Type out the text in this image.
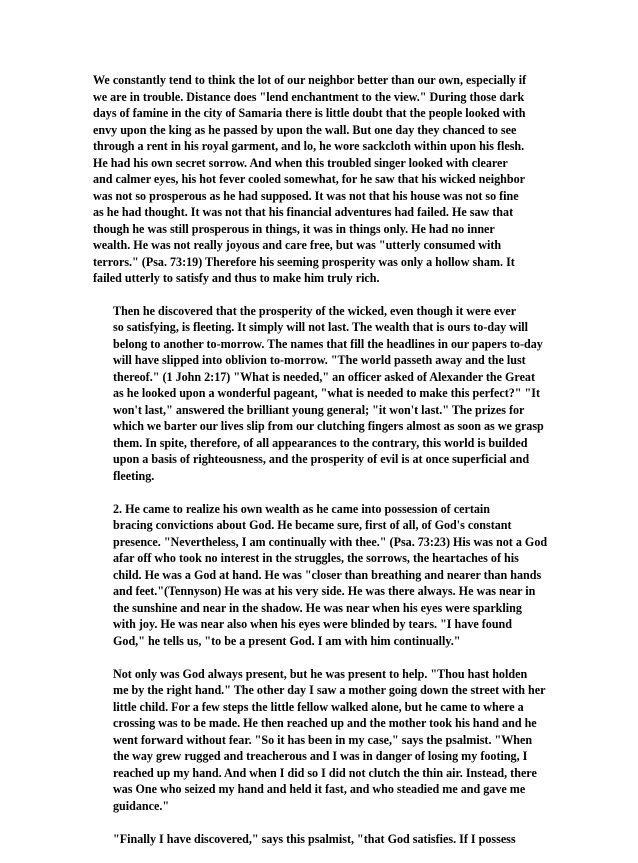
We constantly tend to think the lot of our neighbor better than our own, especially if
we are in trouble. Distance does "lend enchantment to the view." During those dark
days of famine in the city of Samaria there is little doubt that the people looked with
envy upon the king as he passed by upon the wall. But one day they chanced to see
through a rent in his royal garment, and lo, he wore sackcloth within upon his flesh.
He had his own secret sorrow. And when this troubled singer looked with clearer
and calmer eyes, his hot fever cooled somewhat, for he saw that his wicked neighbor
was not so prosperous as he had supposed. It was not that his house was not so fine
as he had thought. It was not that his financial adventures had failed. He saw that
though he was still prosperous in things, it was in things only. He had no inner
wealth. He was not really joyous and care free, but was "utterly consumed with
terrors." (Psa. 73:19) Therefore his seeming prosperity was only a hollow sham. It
failed utterly to satisfy and thus to make him truly rich.

Then he discovered that the prosperity of the wicked, even though it were ever
so satisfying, is fleeting. It simply will not last. The wealth that is ours to-day will
belong to another to-morrow. The names that fill the headlines in our papers to-day
will have slipped into oblivion to-morrow. "The world passeth away and the lust
thereof." (1 John 2:17) "What is needed," an officer asked of Alexander the Great
as he looked upon a wonderful pageant, "what is needed to make this perfect?" "It
won't last," answered the brilliant young general; "it won't last." The prizes for
which we barter our lives slip from our clutching fingers almost as soon as we grasp
them. In spite, therefore, of all appearances to the contrary, this world is builded
upon a basis of righteousness, and the prosperity of evil is at once superficial and
fleeting.

2. He came to realize his own wealth as he came into possession of certain
bracing convictions about God. He became sure, first of all, of God's constant
presence. "Nevertheless, I am continually with thee." (Psa. 73:23) His was not a God
afar off who took no interest in the struggles, the sorrows, the heartaches of his
child. He was a God at hand. He was "closer than breathing and nearer than hands
and feet."(Tennyson) He was at his very side. He was there always. He was near in
the sunshine and near in the shadow. He was near when his eyes were sparkling
with joy. He was near also when his eyes were blinded by tears. "I have found
God," he tells us, "to be a present God. I am with him continually."

Not only was God always present, but he was present to help. "Thou hast holden
me by the right hand." The other day I saw a mother going down the street with her
little child. For a few steps the little fellow walked alone, but he came to where a
crossing was to be made. He then reached up and the mother took his hand and he
went forward without fear. "So it has been in my case," says the psalmist. "When
the way grew rugged and treacherous and I was in danger of losing my footing, I
reached up my hand. And when I did so I did not clutch the thin air. Instead, there
was One who seized my hand and held it fast, and who steadied me and gave me
guidance."

"Finally I have discovered," says this psalmist, "that God satisfies. If I possess
